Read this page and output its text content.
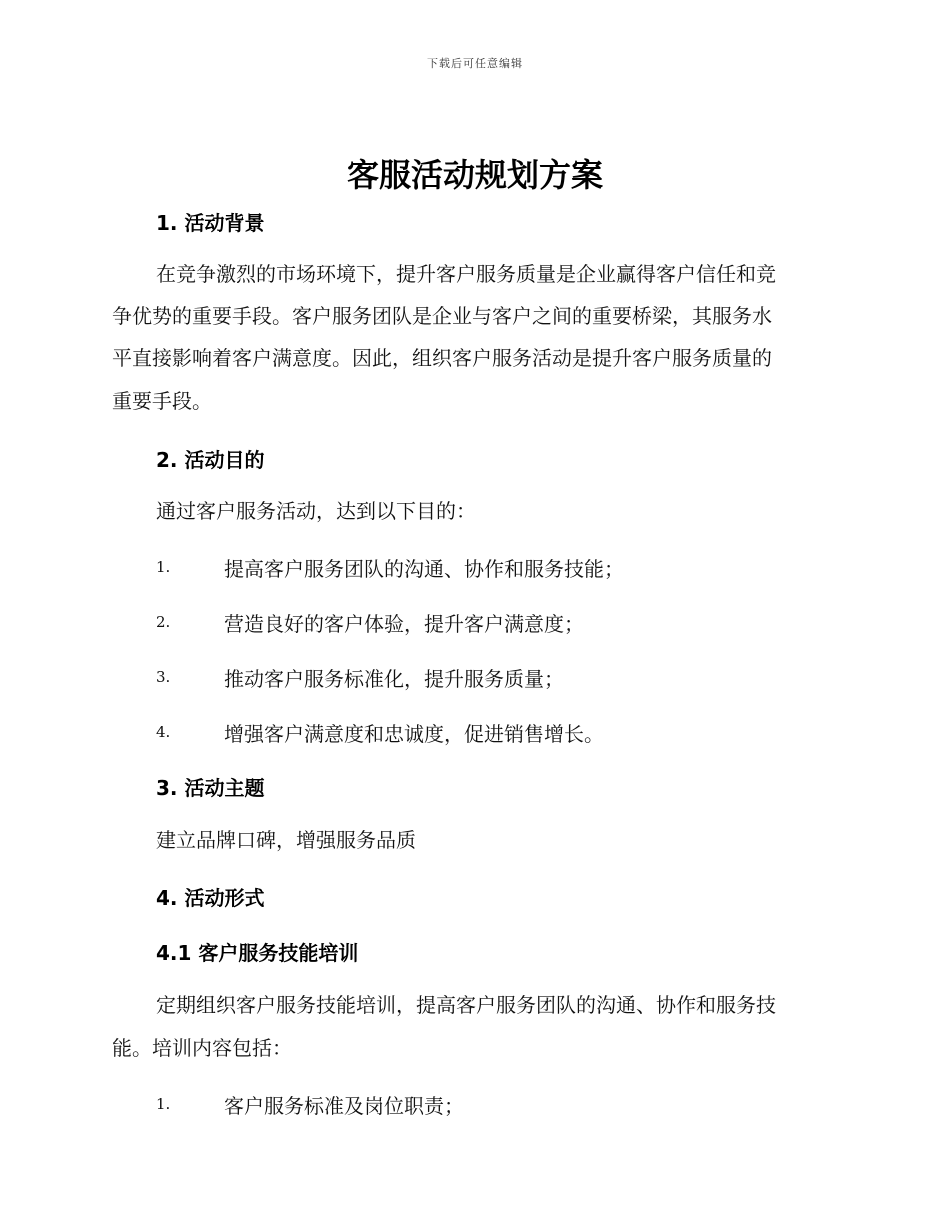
下载后可任意编辑
客服活动规划方案
1. 活动背景
在竞争激烈的市场环境下，提升客户服务质量是企业赢得客户信任和竞
争优势的重要手段。客户服务团队是企业与客户之间的重要桥梁，其服务水
平直接影响着客户满意度。因此，组织客户服务活动是提升客户服务质量的
重要手段。
2. 活动目的
通过客户服务活动，达到以下目的：
1.	提高客户服务团队的沟通、协作和服务技能；
2.	营造良好的客户体验，提升客户满意度；
3.	推动客户服务标准化，提升服务质量；
4.	增强客户满意度和忠诚度，促进销售增长。
3. 活动主题
建立品牌口碑，增强服务品质
4. 活动形式
4.1 客户服务技能培训
定期组织客户服务技能培训，提高客户服务团队的沟通、协作和服务技
能。培训内容包括：
1.	客户服务标准及岗位职责；
